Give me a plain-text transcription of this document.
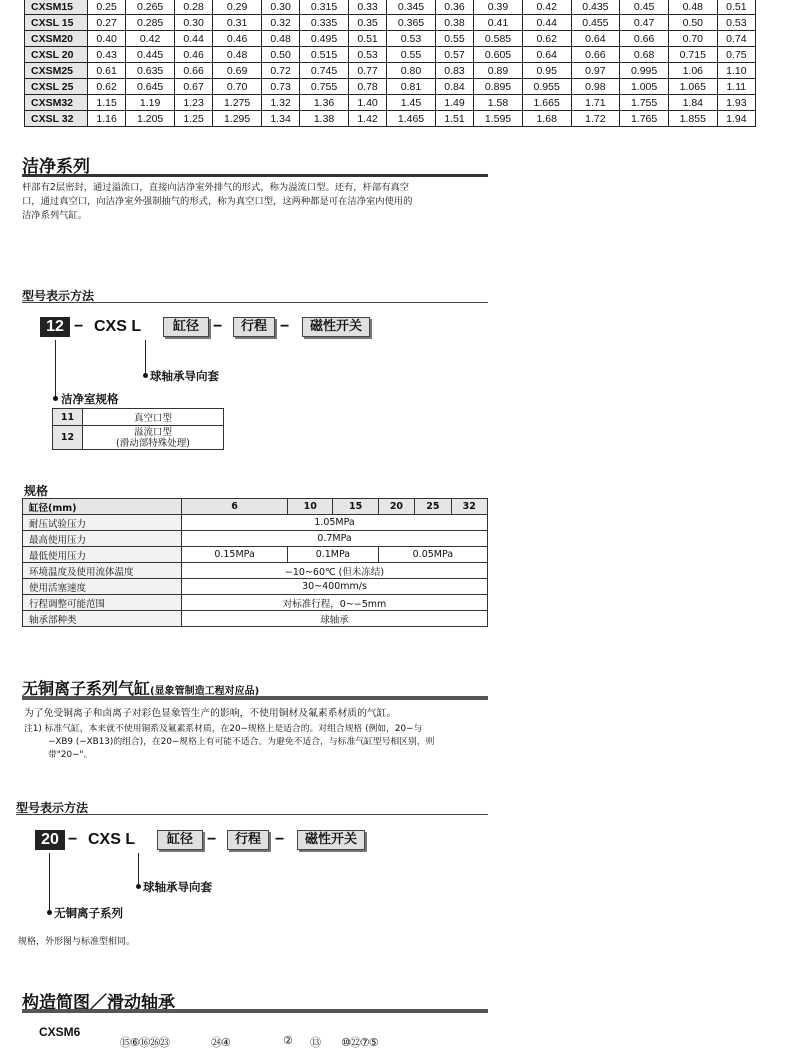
CXSM15	0.25	0.265	0.28	0.29	0.30	0.315	0.33	0.345	0.36	0.39	0.42	0.435	0.45	0.48	0.51
CXSL 15	0.27	0.285	0.30	0.31	0.32	0.335	0.35	0.365	0.38	0.41	0.44	0.455	0.47	0.50	0.53
CXSM20	0.40	0.42	0.44	0.46	0.48	0.495	0.51	0.53	0.55	0.585	0.62	0.64	0.66	0.70	0.74
CXSL 20	0.43	0.445	0.46	0.48	0.50	0.515	0.53	0.55	0.57	0.605	0.64	0.66	0.68	0.715	0.75
CXSM25	0.61	0.635	0.66	0.69	0.72	0.745	0.77	0.80	0.83	0.89	0.95	0.97	0.995	1.06	1.10
CXSL 25	0.62	0.645	0.67	0.70	0.73	0.755	0.78	0.81	0.84	0.895	0.955	0.98	1.005	1.065	1.11
CXSM32	1.15	1.19	1.23	1.275	1.32	1.36	1.40	1.45	1.49	1.58	1.665	1.71	1.755	1.84	1.93
CXSL 32	1.16	1.205	1.25	1.295	1.34	1.38	1.42	1.465	1.51	1.595	1.68	1.72	1.765	1.855	1.94
洁净系列
杆部有2层密封，通过溢流口，直接向洁净室外排气的形式，称为溢流口型。还有，杆部有真空
口，通过真空口，向洁净室外强制抽气的形式，称为真空口型，这两种都是可在洁净室内使用的
洁净系列气缸。
型号表示方法
12 − CXS L	缸径 −	行程 −	磁性开关
球轴承导向套
洁净室规格
11	真空口型
12	溢流口型
(滑动部特殊处理)
规格
缸径(mm)	6	10	15	20	25	32
耐压试验压力	1.05MPa					
最高使用压力	0.7MPa					
最低使用压力	0.15MPa	0.1MPa		0.05MPa		
环境温度及使用流体温度	−10~60℃ (但未冻结)					
使用活塞速度	30~400mm/s					
行程调整可能范围	对标准行程，0~−5mm					
轴承部种类	球轴承					
无铜离子系列气缸(显象管制造工程对应品)
为了免受铜离子和卤离子对彩色显象管生产的影响，不使用铜材及氟素系材质的气缸。
注1) 标准气缸，本来就不使用铜系及氟素系材质，在20−规格上是适合的。对组合规格 (例如，20−与
−XB9 (−XB13)的组合)，在20−规格上有可能不适合。为避免不适合，与标准气缸型号相区别，则
带"20−"。
型号表示方法
20 − CXS L	缸径 −	行程 −	磁性开关
球轴承导向套
无铜离子系列
规格，外形图与标准型相同。
构造简图／滑动轴承
CXSM6
⑮⑥⑯㉖㉓	㉔④	② ⑬ ⑩㉒⑦⑤
